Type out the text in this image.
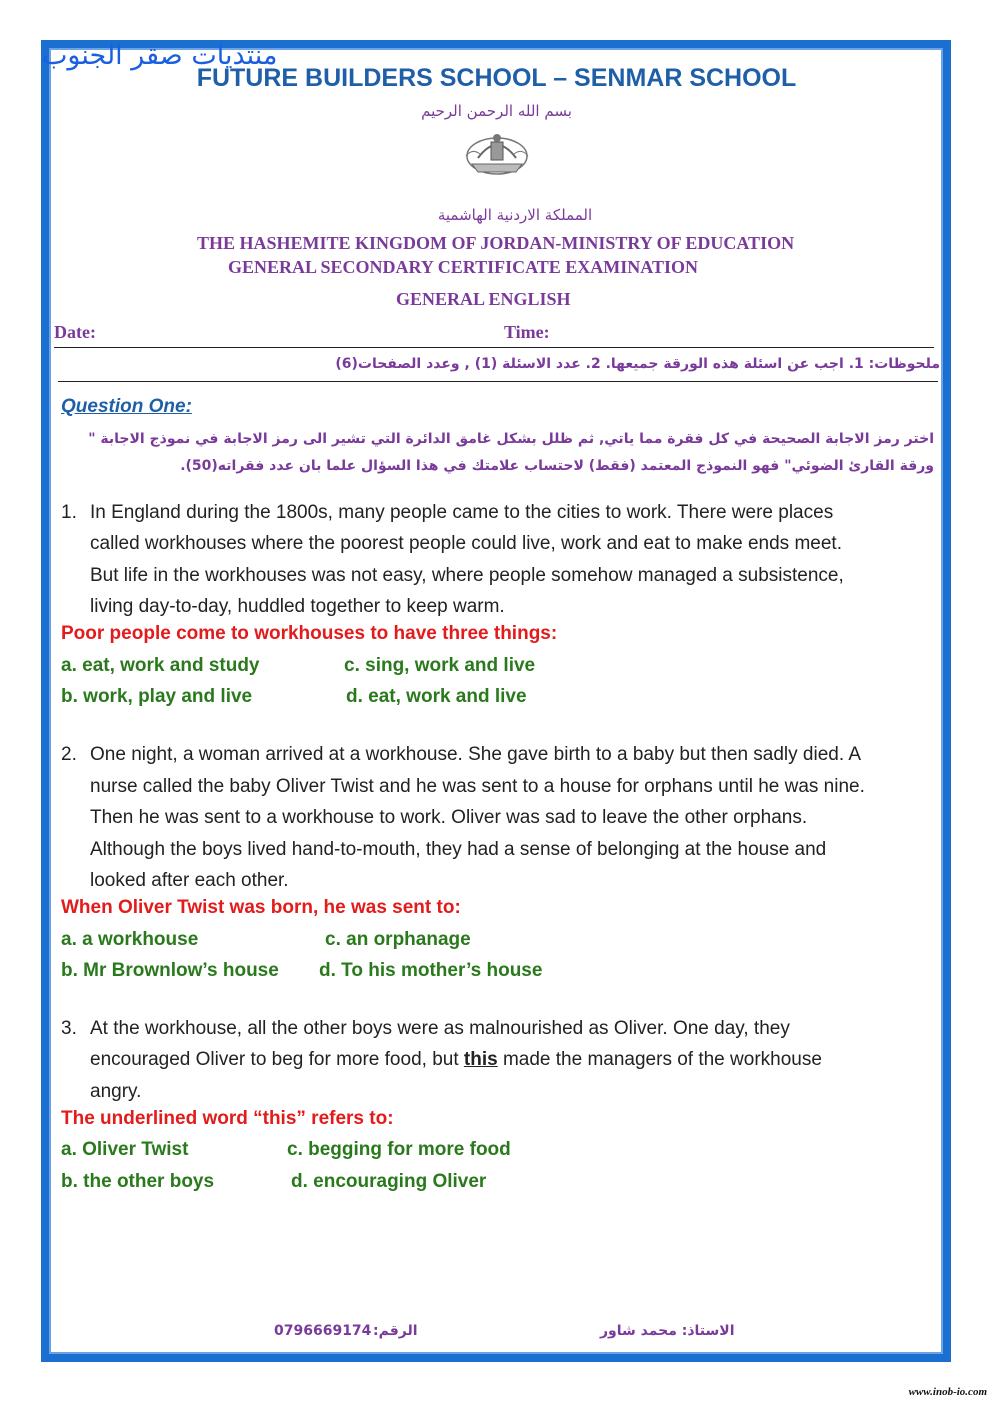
منتديات صقر الجنوب
FUTURE BUILDERS SCHOOL – SENMAR SCHOOL
بسم الله الرحمن الرحيم
المملكة الاردنية الهاشمية
THE HASHEMITE KINGDOM OF JORDAN-MINISTRY OF EDUCATION
GENERAL SECONDARY CERTIFICATE EXAMINATION
GENERAL ENGLISH
Date:	Time:
ملحوظات: 1. اجب عن اسئلة هذه الورقة جميعها. 2. عدد الاسئلة (1) , وعدد الصفحات(6)
Question One:
اختر رمز الاجابة الصحيحة في كل فقرة مما ياتي, ثم ظلل بشكل غامق الدائرة التي تشير الى رمز الاجابة في نموذج الاجابة " ورقة القارئ الضوئي" فهو النموذج المعتمد (فقط) لاحتساب علامتك في هذا السؤال علما بان عدد فقراته(50).
1. In England during the 1800s, many people came to the cities to work. There were places
called workhouses where the poorest people could live, work and eat to make ends meet.
But life in the workhouses was not easy, where people somehow managed a subsistence,
living day-to-day, huddled together to keep warm.
Poor people come to workhouses to have three things:
a. eat, work and study	c. sing, work and live
b. work, play and live	d. eat, work and live
2. One night, a woman arrived at a workhouse. She gave birth to a baby but then sadly died. A
nurse called the baby Oliver Twist and he was sent to a house for orphans until he was nine.
Then he was sent to a workhouse to work. Oliver was sad to leave the other orphans.
Although the boys lived hand-to-mouth, they had a sense of belonging at the house and
looked after each other.
When Oliver Twist was born, he was sent to:
a. a workhouse	c. an orphanage
b. Mr Brownlow’s house d. To his mother’s house
3. At the workhouse, all the other boys were as malnourished as Oliver. One day, they
encouraged Oliver to beg for more food, but this made the managers of the workhouse
angry.
The underlined word “this” refers to:
a. Oliver Twist	c. begging for more food
b. the other boys	d. encouraging Oliver
الاستاذ: محمد شاور
الرقم:
0796669174
www.inob-io.com
